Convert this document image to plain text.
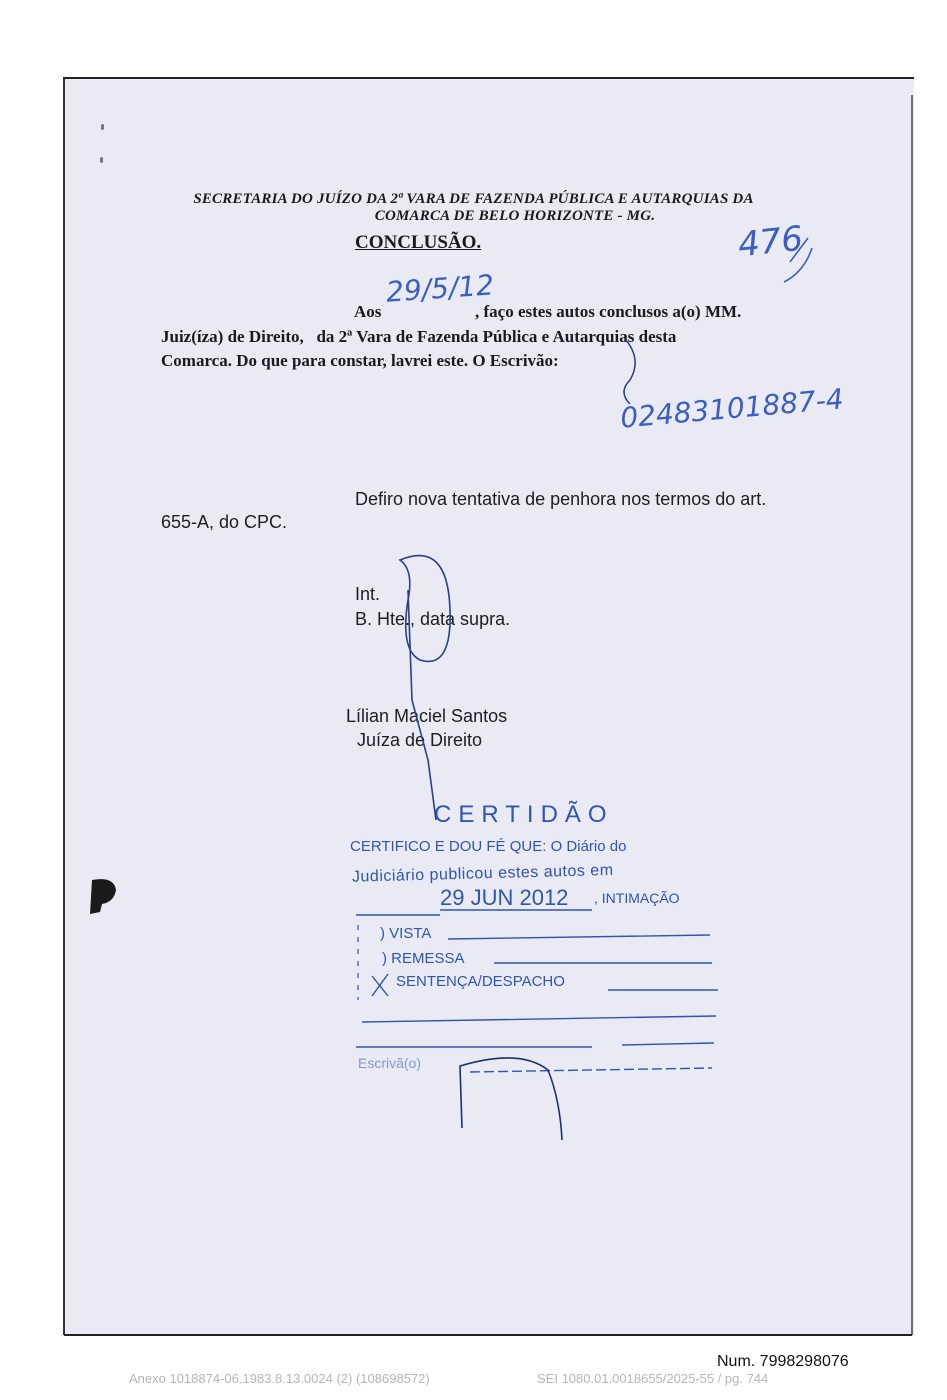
SECRETARIA DO JUÍZO DA 2ª VARA DE FAZENDA PÚBLICA E AUTARQUIAS DA
COMARCA DE BELO HORIZONTE - MG.
CONCLUSÃO.	476
Aos
29/5/12
, faço estes autos conclusos a(o) MM.
Juiz(íza) de Direito,   da 2ª Vara de Fazenda Pública e Autarquias desta
Comarca. Do que para constar, lavrei este. O Escrivão:
02483101887-4
Defiro nova tentativa de penhora nos termos do art.
655-A, do CPC.
Int.
B. Hte., data supra.
Lílian Maciel Santos
Juíza de Direito
CERTIDÃO
CERTIFICO E DOU FÉ QUE: O Diário do
Judiciário publicou estes autos em
29 JUN 2012 , INTIMAÇÃO
) VISTA
) REMESSA
SENTENÇA/DESPACHO
Escrivã(o)
Num. 7998298076
Anexo 1018874-06.1983.8.13.0024 (2) (108698572)	SEI 1080.01.0018655/2025-55 / pg. 744
